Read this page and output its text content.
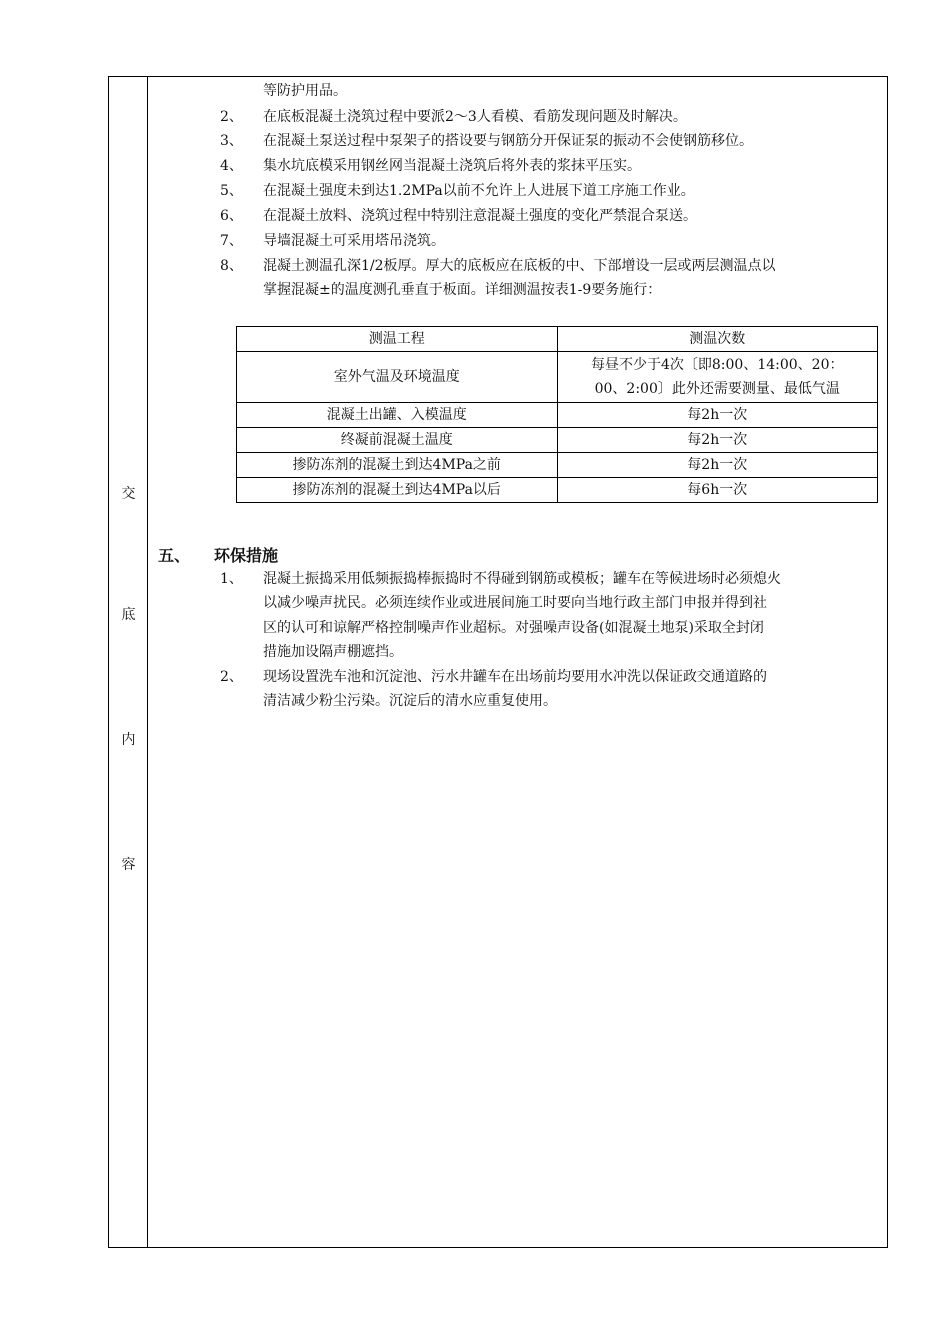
交
底
内
容
等防护用品。
2、 在底板混凝土浇筑过程中要派2～3人看模、看筋发现问题及时解决。
3、 在混凝土泵送过程中泵架子的搭设要与钢筋分开保证泵的振动不会使钢筋移位。
4、 集水坑底模采用钢丝网当混凝土浇筑后将外表的浆抹平压实。
5、 在混凝土强度未到达1.2MPa以前不允许上人进展下道工序施工作业。
6、 在混凝土放料、浇筑过程中特别注意混凝土强度的变化严禁混合泵送。
7、 导墙混凝土可采用塔吊浇筑。
8、 混凝土测温孔深1/2板厚。厚大的底板应在底板的中、下部增设一层或两层测温点以
掌握混凝±的温度测孔垂直于板面。详细测温按表1-9要务施行：
测温工程	测温次数
室外气温及环境温度	每昼不少于4次〔即8:00、14:00、20：
00、2:00〕此外还需要测量、最低气温

混凝土出罐、入模温度	每2h一次
终凝前混凝土温度	每2h一次
掺防冻剂的混凝土到达4MPa之前	每2h一次
掺防冻剂的混凝土到达4MPa以后	每6h一次
五、 环保措施
1、 混凝土振捣采用低频振捣棒振捣时不得碰到钢筋或模板；罐车在等候进场时必须熄火
以减少噪声扰民。必须连续作业或进展间施工时要向当地行政主部门申报并得到社
区的认可和谅解严格控制噪声作业超标。对强噪声设备(如混凝土地泵)采取全封闭
措施加设隔声棚遮挡。
2、 现场设置洗车池和沉淀池、污水井罐车在出场前均要用水冲洗以保证政交通道路的
清洁减少粉尘污染。沉淀后的清水应重复使用。
